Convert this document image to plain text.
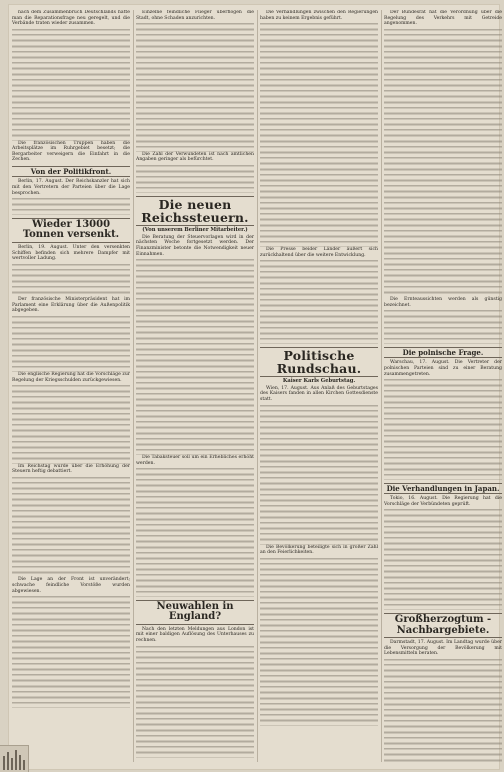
nach dem Zusammenbruch Deutschlands hatte man die Reparationsfrage neu geregelt, und die Verbände traten wieder zusammen.

Die französischen Truppen haben die Arbeitsplätze im Ruhrgebiet besetzt; die Bergarbeiter verweigern die Einfahrt in die Zechen.

Von der Politikfront.

Berlin, 17. August. Der Reichskanzler hat sich mit den Vertretern der Parteien über die Lage besprochen.

Wieder 13000 Tonnen versenkt.

Berlin, 19. August. Unter den versenkten Schiffen befinden sich mehrere Dampfer mit wertvoller Ladung.

Der französische Ministerpräsident hat im Parlament eine Erklärung über die Außenpolitik abgegeben.

Die englische Regierung hat die Vorschläge zur Regelung der Kriegsschulden zurückgewiesen.

Im Reichstag wurde über die Erhöhung der Steuern heftig debattiert.

Die Lage an der Front ist unverändert; schwache feindliche Vorstöße wurden abgewiesen.

Einzelne feindliche Flieger überflogen die Stadt, ohne Schaden anzurichten.

Die Zahl der Verwundeten ist nach amtlichen Angaben geringer als befürchtet.

Die neuen Reichssteuern.
(Von unserem Berliner Mitarbeiter.)

Die Beratung der Steuervorlagen wird in der nächsten Woche fortgesetzt werden. Der Finanzminister betonte die Notwendigkeit neuer Einnahmen.

Die Tabaksteuer soll um ein Erhebliches erhöht werden.

Neuwahlen in England?

Nach den letzten Meldungen aus London ist mit einer baldigen Auflösung des Unterhauses zu rechnen.

Die Verhandlungen zwischen den Regierungen haben zu keinem Ergebnis geführt.

Die Presse beider Länder äußert sich zurückhaltend über die weitere Entwicklung.

Politische Rundschau.
Kaiser Karls Geburtstag.

Wien, 17. August. Aus Anlaß des Geburtstages des Kaisers fanden in allen Kirchen Gottesdienste statt.

Die Bevölkerung beteiligte sich in großer Zahl an den Feierlichkeiten.

Der Bundesrat hat die Verordnung über die Regelung des Verkehrs mit Getreide angenommen.

Die Ernteaussichten werden als günstig bezeichnet.

Die polnische Frage.

Warschau, 17. August. Die Vertreter der polnischen Parteien sind zu einer Beratung zusammengetreten.

Die Verhandlungen in Japan.

Tokio, 16. August. Die Regierung hat die Vorschläge der Verbündeten geprüft.

Großherzogtum - Nachbargebiete.

Darmstadt, 17. August. Im Landtag wurde über die Versorgung der Bevölkerung mit Lebensmitteln beraten.
